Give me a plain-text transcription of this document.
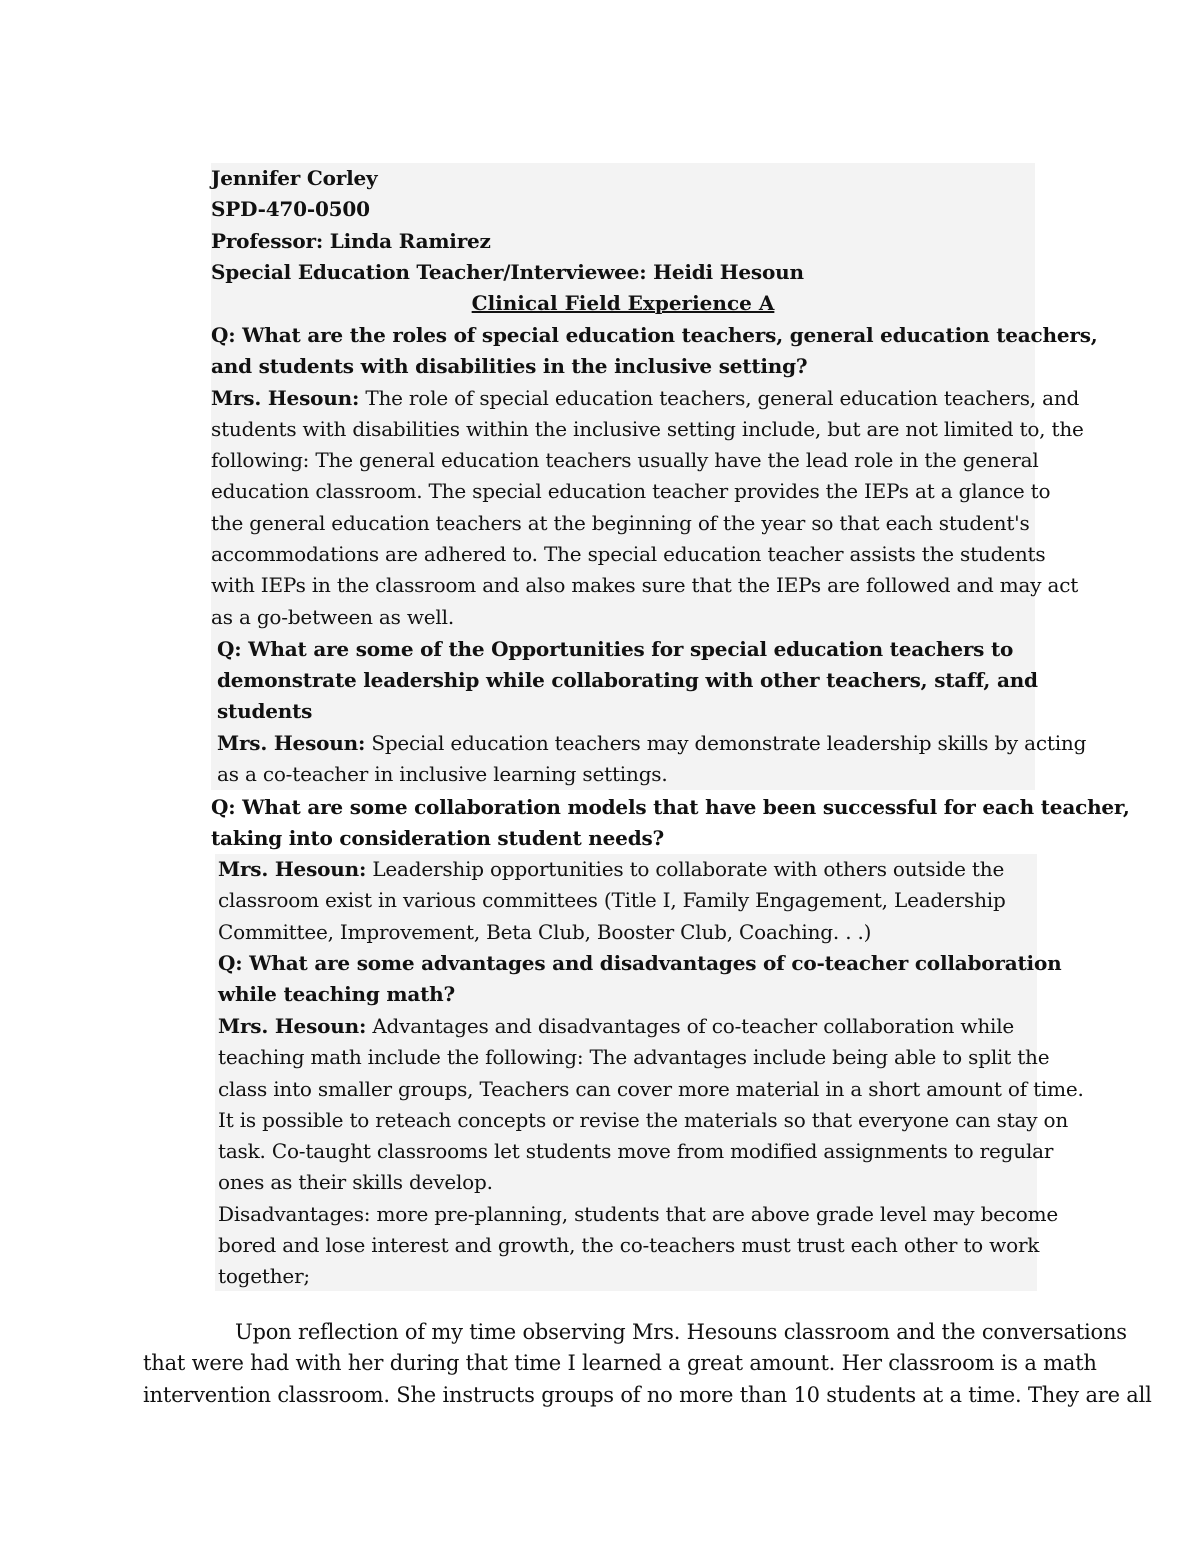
Jennifer Corley
SPD-470-0500
Professor: Linda Ramirez
Special Education Teacher/Interviewee: Heidi Hesoun
Clinical Field Experience A
Q: What are the roles of special education teachers, general education teachers,
and students with disabilities in the inclusive setting?
Mrs. Hesoun: The role of special education teachers, general education teachers, and
students with disabilities within the inclusive setting include, but are not limited to, the
following: The general education teachers usually have the lead role in the general
education classroom. The special education teacher provides the IEPs at a glance to
the general education teachers at the beginning of the year so that each student's
accommodations are adhered to. The special education teacher assists the students
with IEPs in the classroom and also makes sure that the IEPs are followed and may act
as a go-between as well.
Q: What are some of the Opportunities for special education teachers to
demonstrate leadership while collaborating with other teachers, staff, and
students
Mrs. Hesoun: Special education teachers may demonstrate leadership skills by acting
as a co-teacher in inclusive learning settings.
Q: What are some collaboration models that have been successful for each teacher,
taking into consideration student needs?
Mrs. Hesoun: Leadership opportunities to collaborate with others outside the
classroom exist in various committees (Title I, Family Engagement, Leadership
Committee, Improvement, Beta Club, Booster Club, Coaching. . .)
Q: What are some advantages and disadvantages of co-teacher collaboration
while teaching math?
Mrs. Hesoun: Advantages and disadvantages of co-teacher collaboration while
teaching math include the following: The advantages include being able to split the
class into smaller groups, Teachers can cover more material in a short amount of time.
It is possible to reteach concepts or revise the materials so that everyone can stay on
task. Co-taught classrooms let students move from modified assignments to regular
ones as their skills develop.
Disadvantages: more pre-planning, students that are above grade level may become
bored and lose interest and growth, the co-teachers must trust each other to work
together;
Upon reflection of my time observing Mrs. Hesouns classroom and the conversations
that were had with her during that time I learned a great amount. Her classroom is a math
intervention classroom. She instructs groups of no more than 10 students at a time. They are all
